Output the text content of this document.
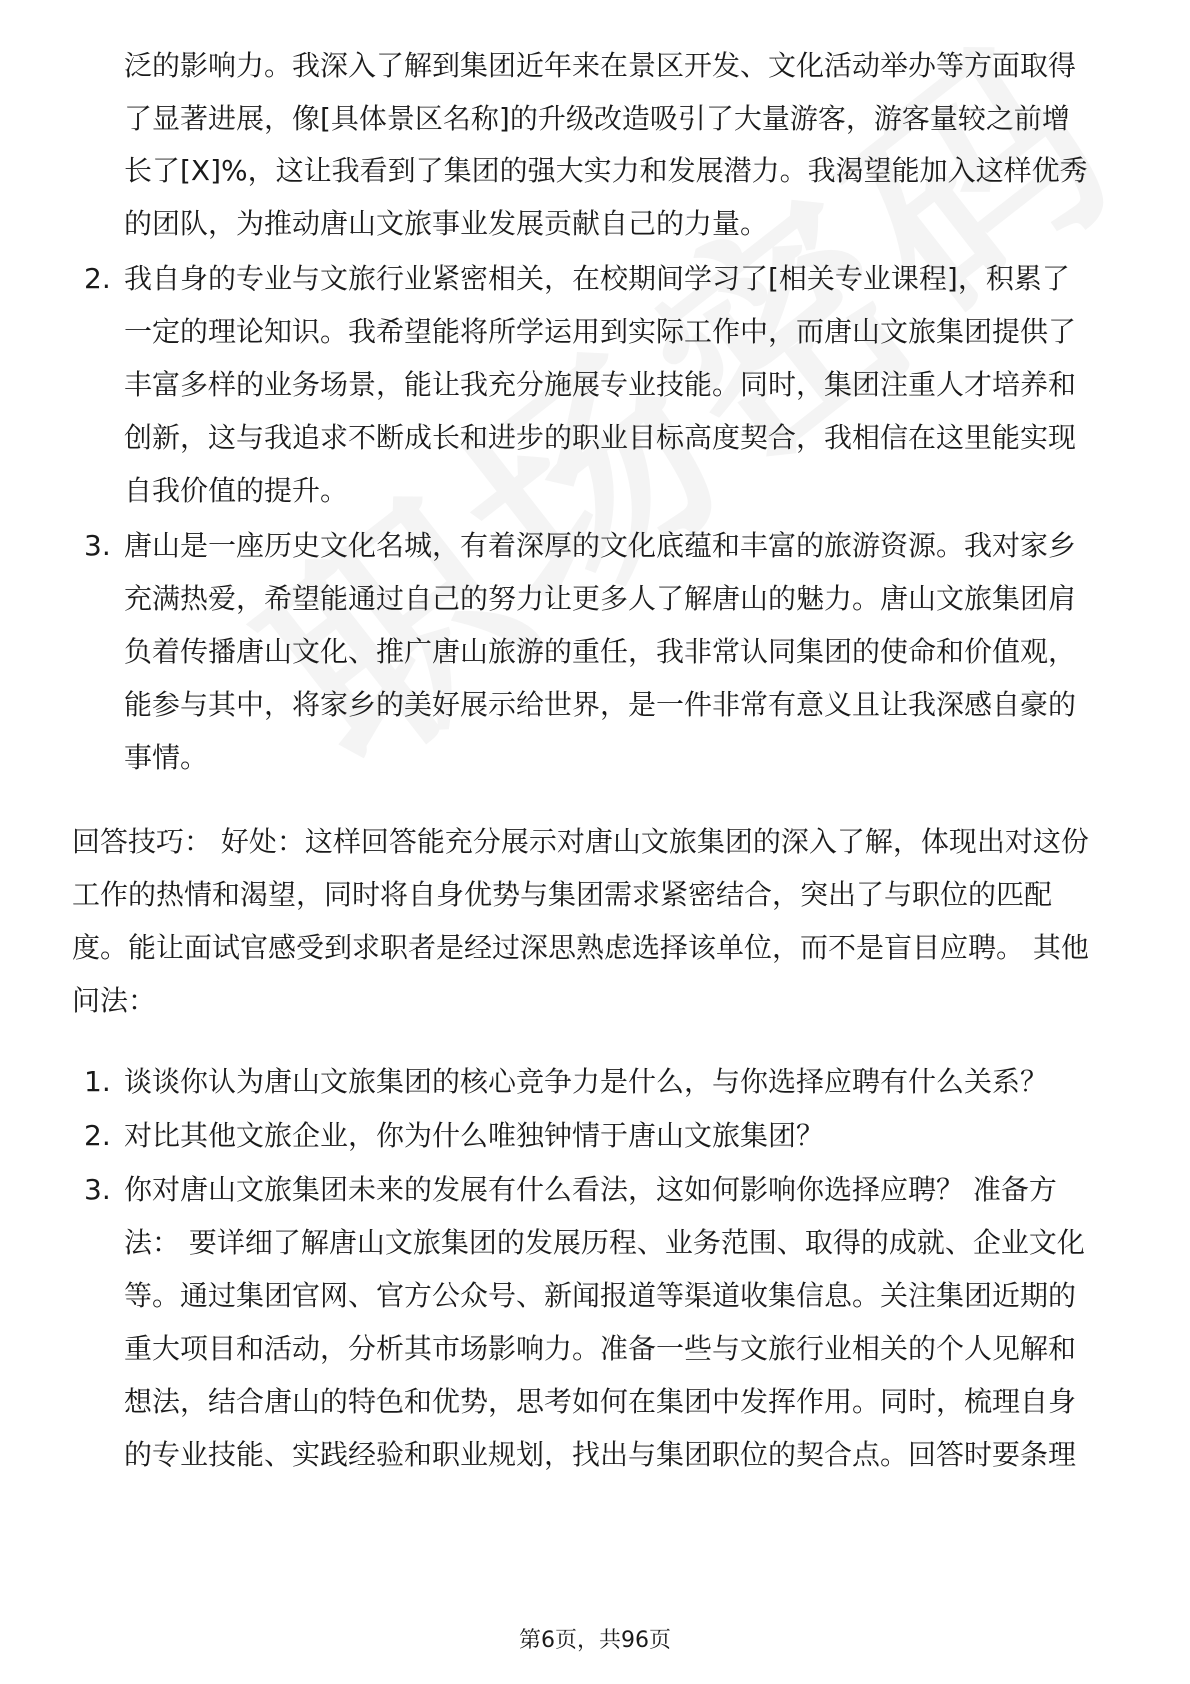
泛的影响力。我深入了解到集团近年来在景区开发、文化活动举办等方面取得
了显著进展，像[具体景区名称]的升级改造吸引了大量游客，游客量较之前增
长了[X]%，这让我看到了集团的强大实力和发展潜力。我渴望能加入这样优秀
的团队，为推动唐山文旅事业发展贡献自己的力量。
2. 我自身的专业与文旅行业紧密相关，在校期间学习了[相关专业课程]，积累了
一定的理论知识。我希望能将所学运用到实际工作中，而唐山文旅集团提供了
丰富多样的业务场景，能让我充分施展专业技能。同时，集团注重人才培养和
创新，这与我追求不断成长和进步的职业目标高度契合，我相信在这里能实现
自我价值的提升。
3. 唐山是一座历史文化名城，有着深厚的文化底蕴和丰富的旅游资源。我对家乡
充满热爱，希望能通过自己的努力让更多人了解唐山的魅力。唐山文旅集团肩
负着传播唐山文化、推广唐山旅游的重任，我非常认同集团的使命和价值观，
能参与其中，将家乡的美好展示给世界，是一件非常有意义且让我深感自豪的
事情。
回答技巧： 好处：这样回答能充分展示对唐山文旅集团的深入了解，体现出对这份
工作的热情和渴望，同时将自身优势与集团需求紧密结合，突出了与职位的匹配
度。能让面试官感受到求职者是经过深思熟虑选择该单位，而不是盲目应聘。 其他
问法：
1. 谈谈你认为唐山文旅集团的核心竞争力是什么，与你选择应聘有什么关系？
2. 对比其他文旅企业，你为什么唯独钟情于唐山文旅集团？
3. 你对唐山文旅集团未来的发展有什么看法，这如何影响你选择应聘？ 准备方
法： 要详细了解唐山文旅集团的发展历程、业务范围、取得的成就、企业文化
等。通过集团官网、官方公众号、新闻报道等渠道收集信息。关注集团近期的
重大项目和活动，分析其市场影响力。准备一些与文旅行业相关的个人见解和
想法，结合唐山的特色和优势，思考如何在集团中发挥作用。同时，梳理自身
的专业技能、实践经验和职业规划，找出与集团职位的契合点。回答时要条理
第6页，共96页
